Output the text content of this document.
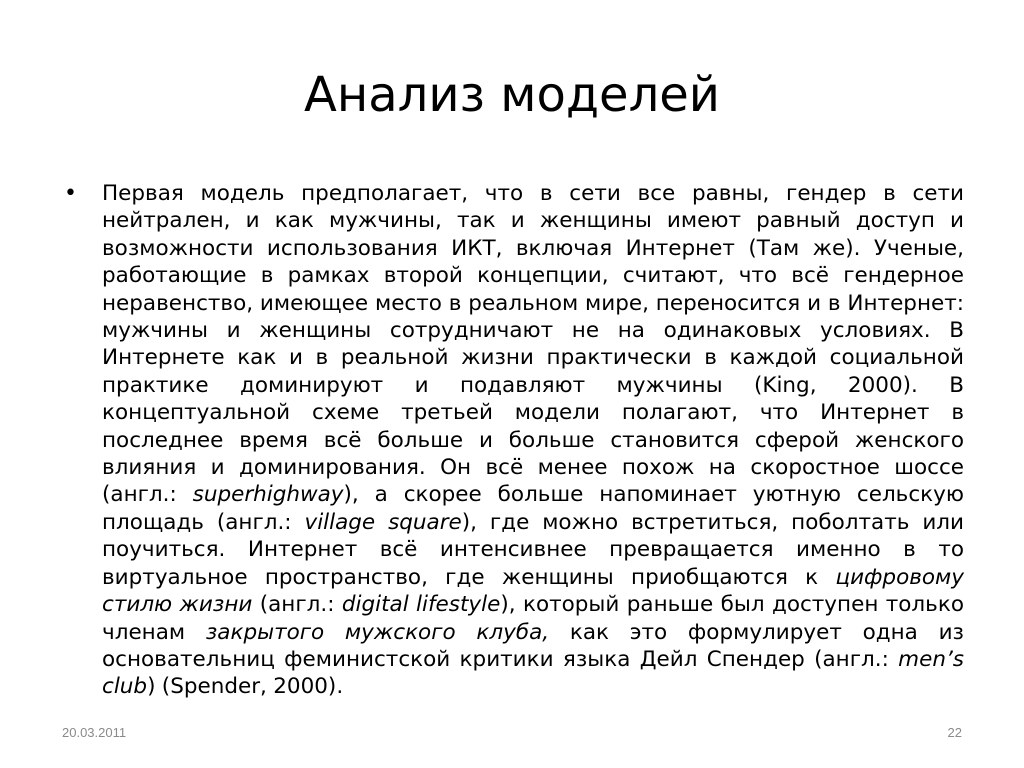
Анализ моделей
• Первая модель предполагает, что в сети все равны, гендер в сети нейтрален, и как мужчины, так и женщины имеют равный доступ и возможности использования ИКТ, включая Интернет (Там же). Ученые, работающие в рамках второй концепции, считают, что всё гендерное неравенство, имеющее место в реальном мире, переносится и в Интернет: мужчины и женщины сотрудничают не на одинаковых условиях. В Интернете как и в реальной жизни практически в каждой социальной практике доминируют и подавляют мужчины (King, 2000). В концептуальной схеме третьей модели полагают, что Интернет в последнее время всё больше и больше становится сферой женского влияния и доминирования. Он всё менее похож на скоростное шоссе (англ.: superhighway), а скорее больше напоминает уютную сельскую площадь (англ.: village square), где можно встретиться, поболтать или поучиться. Интернет всё интенсивнее превращается именно в то виртуальное пространство, где женщины приобщаются к цифровому стилю жизни (англ.: digital lifestyle), который раньше был доступен только членам закрытого мужского клуба, как это формулирует одна из основательниц феминистской критики языка Дейл Спендер (англ.: men’s club) (Spender, 2000).

20.03.2011	22
